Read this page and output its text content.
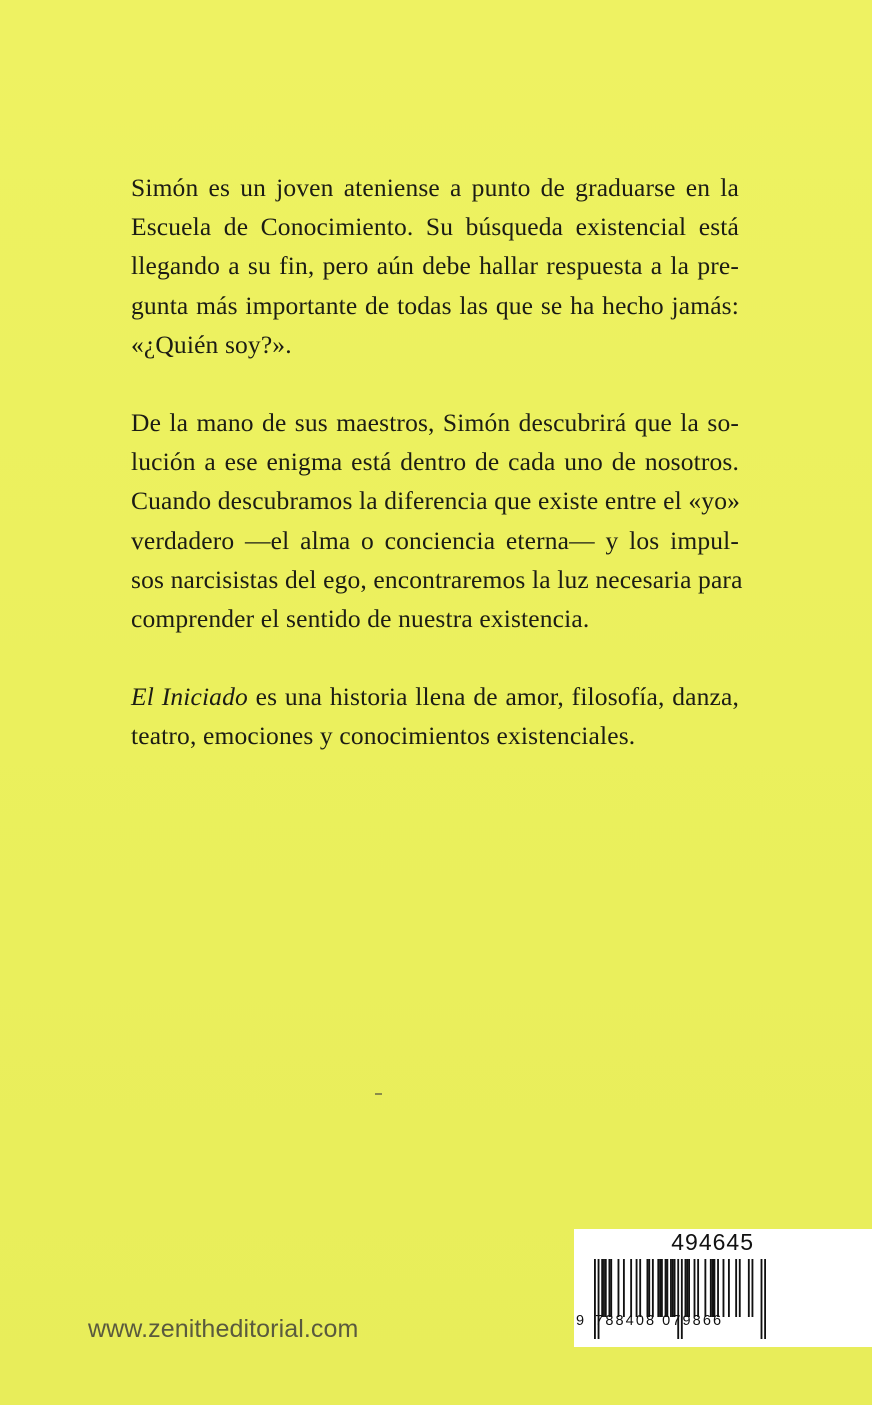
Simón es un joven ateniense a punto de graduarse en la
Escuela de Conocimiento. Su búsqueda existencial está
llegando a su fin, pero aún debe hallar respuesta a la pre-
gunta más importante de todas las que se ha hecho jamás:
«¿Quién soy?».

De la mano de sus maestros, Simón descubrirá que la so-
lución a ese enigma está dentro de cada uno de nosotros.
Cuando descubramos la diferencia que existe entre el «yo»
verdadero —el alma o conciencia eterna— y los impul-
sos narcisistas del ego, encontraremos la luz necesaria para
comprender el sentido de nuestra existencia.

El Iniciado es una historia llena de amor, filosofía, danza,
teatro, emociones y conocimientos existenciales.

www.zenitheditorial.com
494645
9 788408 079866
